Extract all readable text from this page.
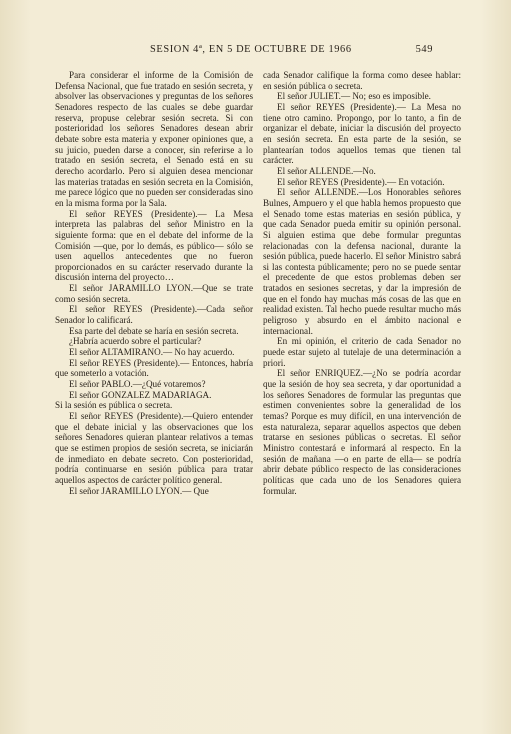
SESION 4ª, EN 5 DE OCTUBRE DE 1966	549

Para considerar el informe de la Comisión de Defensa Nacional, que fue tratado en sesión secreta, y absolver las observaciones y preguntas de los señores Senadores respecto de las cuales se debe guardar reserva, propuse celebrar sesión secreta. Si con posterioridad los señores Senadores desean abrir debate sobre esta materia y exponer opiniones que, a su juicio, pueden darse a conocer, sin referirse a lo tratado en sesión secreta, el Senado está en su derecho acordarlo. Pero si alguien desea mencionar las materias tratadas en sesión secreta en la Comisión, me parece lógico que no pueden ser consideradas sino en la misma forma por la Sala.

El señor REYES (Presidente).— La Mesa interpreta las palabras del señor Ministro en la siguiente forma: que en el debate del informe de la Comisión —que, por lo demás, es público— sólo se usen aquellos antecedentes que no fueron proporcionados en su carácter reservado durante la discusión interna del proyecto…

El señor JARAMILLO LYON.—Que se trate como sesión secreta.

El señor REYES (Presidente).—Cada señor Senador lo calificará.

Esa parte del debate se haría en sesión secreta.

¿Habría acuerdo sobre el particular?

El señor ALTAMIRANO.— No hay acuerdo.

El señor REYES (Presidente).— Entonces, habría que someterlo a votación.

El señor PABLO.—¿Qué votaremos?

El señor GONZALEZ MADARIAGA.

Si la sesión es pública o secreta.

El señor REYES (Presidente).—Quiero entender que el debate inicial y las observaciones que los señores Senadores quieran plantear relativos a temas que se estimen propios de sesión secreta, se iniciarán de inmediato en debate secreto. Con posterioridad, podría continuarse en sesión pública para tratar aquellos aspectos de carácter político general.

El señor JARAMILLO LYON.— Que

cada Senador califique la forma como desee hablar: en sesión pública o secreta.

El señor JULIET.— No; eso es imposible.

El señor REYES (Presidente).— La Mesa no tiene otro camino. Propongo, por lo tanto, a fin de organizar el debate, iniciar la discusión del proyecto en sesión secreta. En esta parte de la sesión, se plantearían todos aquellos temas que tienen tal carácter.

El señor ALLENDE.—No.

El señor REYES (Presidente).— En votación.

El señor ALLENDE.—Los Honorables señores Bulnes, Ampuero y el que habla hemos propuesto que el Senado tome estas materias en sesión pública, y que cada Senador pueda emitir su opinión personal. Si alguien estima que debe formular preguntas relacionadas con la defensa nacional, durante la sesión pública, puede hacerlo. El señor Ministro sabrá si las contesta públicamente; pero no se puede sentar el precedente de que estos problemas deben ser tratados en sesiones secretas, y dar la impresión de que en el fondo hay muchas más cosas de las que en realidad existen. Tal hecho puede resultar mucho más peligroso y absurdo en el ámbito nacional e internacional.

En mi opinión, el criterio de cada Senador no puede estar sujeto al tutelaje de una determinación a priori.

El señor ENRIQUEZ.—¿No se podría acordar que la sesión de hoy sea secreta, y dar oportunidad a los señores Senadores de formular las preguntas que estimen convenientes sobre la generalidad de los temas? Porque es muy difícil, en una intervención de esta naturaleza, separar aquellos aspectos que deben tratarse en sesiones públicas o secretas. El señor Ministro contestará e informará al respecto. En la sesión de mañana —o en parte de ella— se podría abrir debate público respecto de las consideraciones políticas que cada uno de los Senadores quiera formular.
